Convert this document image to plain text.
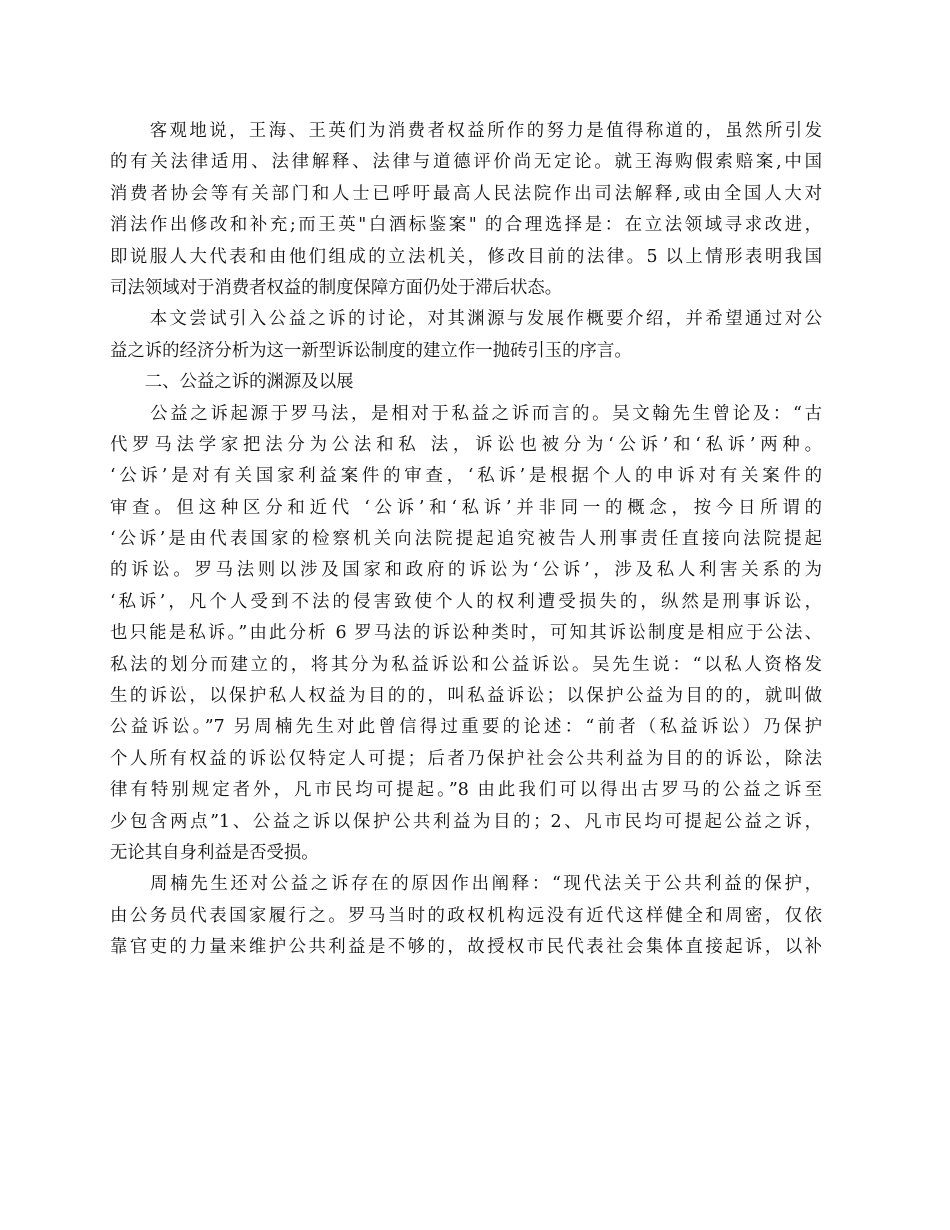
　　客观地说，王海、王英们为消费者权益所作的努力是值得称道的，虽然所引发
的有关法律适用、法律解释、法律与道德评价尚无定论。就王海购假索赔案,中国
消费者协会等有关部门和人士已呼吁最高人民法院作出司法解释,或由全国人大对
消法作出修改和补充;而王英"白酒标鉴案" 的合理选择是：在立法领域寻求改进，
即说服人大代表和由他们组成的立法机关，修改目前的法律。5 以上情形表明我国
司法领域对于消费者权益的制度保障方面仍处于滞后状态。
　　本文尝试引入公益之诉的讨论，对其渊源与发展作概要介绍，并希望通过对公
益之诉的经济分析为这一新型诉讼制度的建立作一抛砖引玉的序言。
　　二、公益之诉的渊源及以展
　　公益之诉起源于罗马法，是相对于私益之诉而言的。吴文翰先生曾论及：“古
代罗马法学家把法分为公法和私 法，诉讼也被分为‘公诉’和‘私诉’两种。
‘公诉’是对有关国家利益案件的审查，‘私诉’是根据个人的申诉对有关案件的
审查。但这种区分和近代 ‘公诉’和‘私诉’并非同一的概念，按今日所谓的
‘公诉’是由代表国家的检察机关向法院提起追究被告人刑事责任直接向法院提起
的诉讼。罗马法则以涉及国家和政府的诉讼为‘公诉’，涉及私人利害关系的为
‘私诉’，凡个人受到不法的侵害致使个人的权利遭受损失的，纵然是刑事诉讼，
也只能是私诉。”由此分析 6 罗马法的诉讼种类时，可知其诉讼制度是相应于公法、
私法的划分而建立的，将其分为私益诉讼和公益诉讼。吴先生说：“以私人资格发
生的诉讼，以保护私人权益为目的的，叫私益诉讼；以保护公益为目的的，就叫做
公益诉讼。”7 另周楠先生对此曾信得过重要的论述：“前者（私益诉讼）乃保护
个人所有权益的诉讼仅特定人可提；后者乃保护社会公共利益为目的的诉讼，除法
律有特别规定者外，凡市民均可提起。”8 由此我们可以得出古罗马的公益之诉至
少包含两点”1、公益之诉以保护公共利益为目的；2、凡市民均可提起公益之诉，
无论其自身利益是否受损。
　　周楠先生还对公益之诉存在的原因作出阐释：“现代法关于公共利益的保护，
由公务员代表国家履行之。罗马当时的政权机构远没有近代这样健全和周密，仅依
靠官吏的力量来维护公共利益是不够的，故授权市民代表社会集体直接起诉，以补
